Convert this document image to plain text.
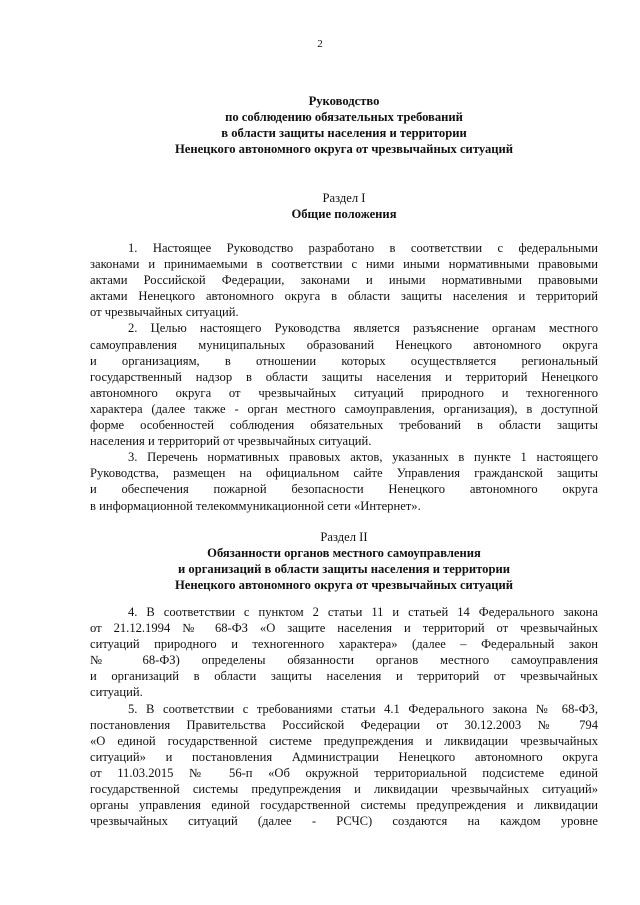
2
Руководство
по соблюдению обязательных требований
в области защиты населения и территории
Ненецкого автономного округа от чрезвычайных ситуаций
Раздел I
Общие положения
1. Настоящее Руководство разработано в соответствии с федеральными
законами и принимаемыми в соответствии с ними иными нормативными правовыми
актами Российской Федерации, законами и иными нормативными правовыми
актами Ненецкого автономного округа в области защиты населения и территорий
от чрезвычайных ситуаций.
2. Целью настоящего Руководства является разъяснение органам местного
самоуправления муниципальных образований Ненецкого автономного округа
и организациям, в отношении которых осуществляется региональный
государственный надзор в области защиты населения и территорий Ненецкого
автономного округа от чрезвычайных ситуаций природного и техногенного
характера (далее также - орган местного самоуправления, организация), в доступной
форме особенностей соблюдения обязательных требований в области защиты
населения и территорий от чрезвычайных ситуаций.
3. Перечень нормативных правовых актов, указанных в пункте 1 настоящего
Руководства, размещен на официальном сайте Управления гражданской защиты
и обеспечения пожарной безопасности Ненецкого автономного округа
в информационной телекоммуникационной сети «Интернет».
Раздел II
Обязанности органов местного самоуправления
и организаций в области защиты населения и территории
Ненецкого автономного округа от чрезвычайных ситуаций
4. В соответствии с пунктом 2 статьи 11 и статьей 14 Федерального закона
от 21.12.1994 № 68-ФЗ «О защите населения и территорий от чрезвычайных
ситуаций природного и техногенного характера» (далее – Федеральный закон
№ 68-ФЗ) определены обязанности органов местного самоуправления
и организаций в области защиты населения и территорий от чрезвычайных
ситуаций.
5. В соответствии с требованиями статьи 4.1 Федерального закона № 68-ФЗ,
постановления Правительства Российской Федерации от 30.12.2003 № 794
«О единой государственной системе предупреждения и ликвидации чрезвычайных
ситуаций» и постановления Администрации Ненецкого автономного округа
от 11.03.2015 № 56-п «Об окружной территориальной подсистеме единой
государственной системы предупреждения и ликвидации чрезвычайных ситуаций»
органы управления единой государственной системы предупреждения и ликвидации
чрезвычайных ситуаций (далее - РСЧС) создаются на каждом уровне
